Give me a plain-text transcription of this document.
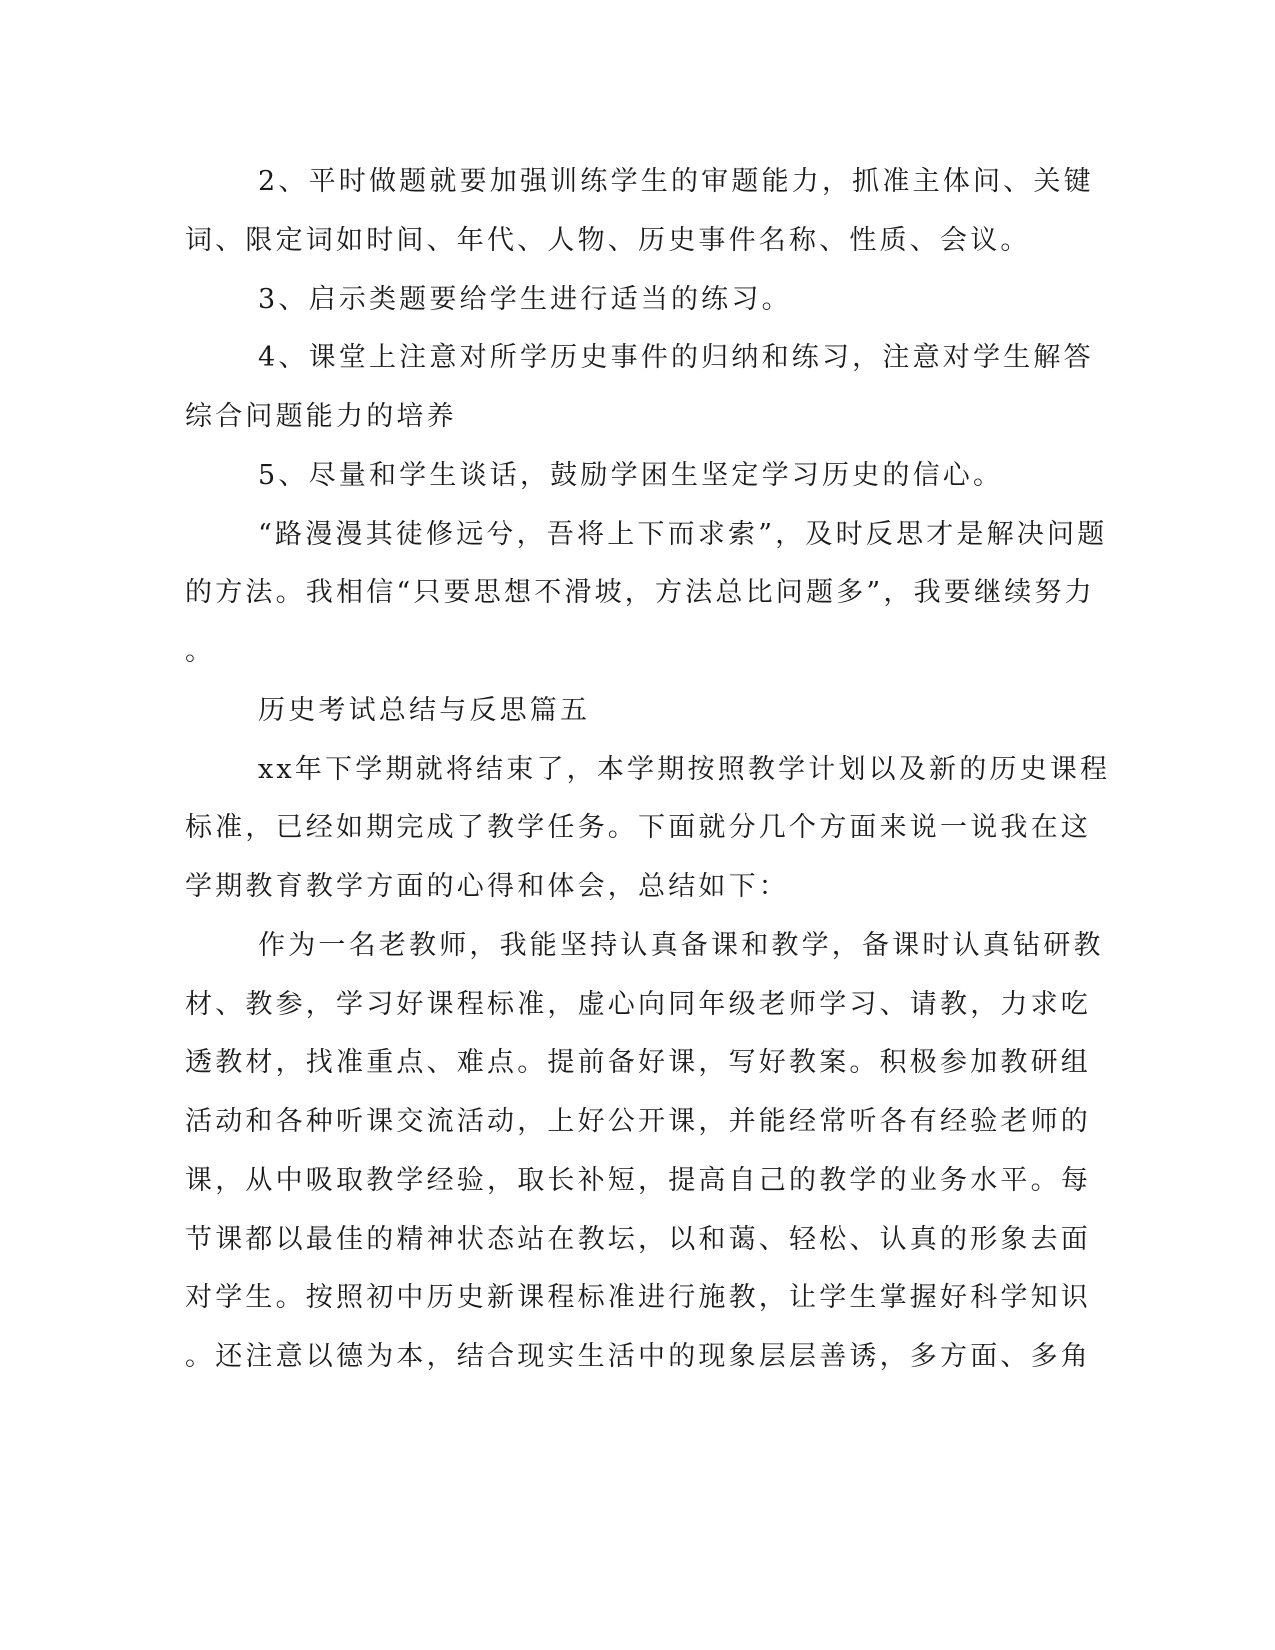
2、平时做题就要加强训练学生的审题能力，抓准主体问、关键
词、限定词如时间、年代、人物、历史事件名称、性质、会议。
3、启示类题要给学生进行适当的练习。
4、课堂上注意对所学历史事件的归纳和练习，注意对学生解答
综合问题能力的培养
5、尽量和学生谈话，鼓励学困生坚定学习历史的信心。
“路漫漫其徒修远兮，吾将上下而求索”，及时反思才是解决问题
的方法。我相信“只要思想不滑坡，方法总比问题多”，我要继续努力
。
历史考试总结与反思篇五
xx年下学期就将结束了，本学期按照教学计划以及新的历史课程
标准，已经如期完成了教学任务。下面就分几个方面来说一说我在这
学期教育教学方面的心得和体会，总结如下：
作为一名老教师，我能坚持认真备课和教学，备课时认真钻研教
材、教参，学习好课程标准，虚心向同年级老师学习、请教，力求吃
透教材，找准重点、难点。提前备好课，写好教案。积极参加教研组
活动和各种听课交流活动，上好公开课，并能经常听各有经验老师的
课，从中吸取教学经验，取长补短，提高自己的教学的业务水平。每
节课都以最佳的精神状态站在教坛，以和蔼、轻松、认真的形象去面
对学生。按照初中历史新课程标准进行施教，让学生掌握好科学知识
。还注意以德为本，结合现实生活中的现象层层善诱，多方面、多角
